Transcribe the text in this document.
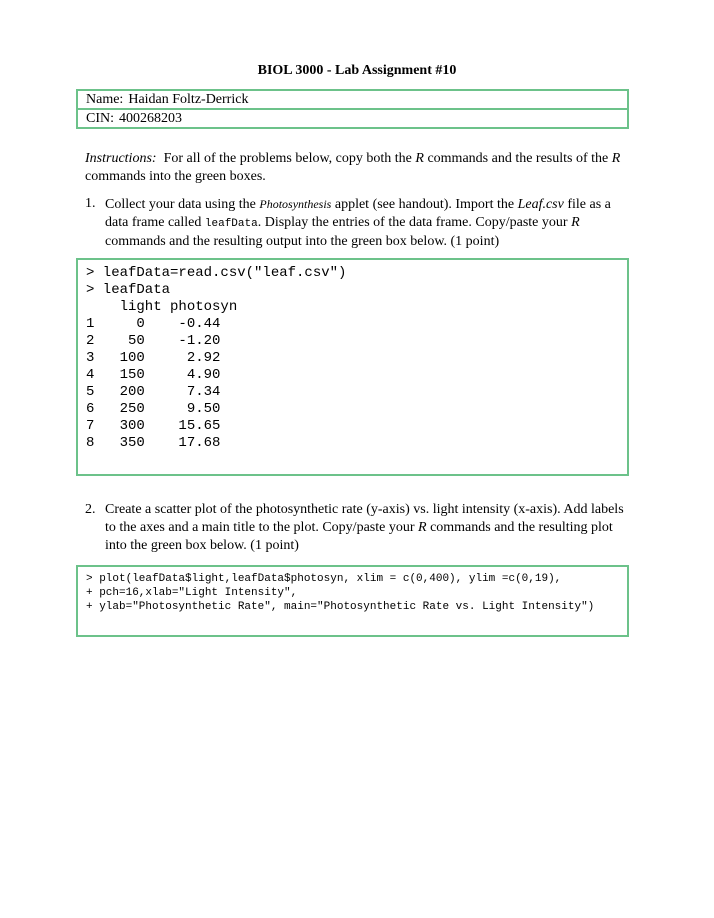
BIOL 3000 - Lab Assignment #10
Name: Haidan Foltz-Derrick
CIN: 400268203
Instructions: For all of the problems below, copy both the R commands and the results of the R commands into the green boxes.
1. Collect your data using the Photosynthesis applet (see handout). Import the Leaf.csv file as a data frame called leafData. Display the entries of the data frame. Copy/paste your R commands and the resulting output into the green box below. (1 point)
> leafData=read.csv("leaf.csv")
> leafData
light photosyn
1     0    -0.44
2    50    -1.20
3   100     2.92
4   150     4.90
5   200     7.34
6   250     9.50
7   300    15.65
8   350    17.68
2. Create a scatter plot of the photosynthetic rate (y-axis) vs. light intensity (x-axis). Add labels to the axes and a main title to the plot. Copy/paste your R commands and the resulting plot into the green box below. (1 point)
> plot(leafData$light,leafData$photosyn, xlim = c(0,400), ylim =c(0,19),
+ pch=16,xlab="Light Intensity",
+ ylab="Photosynthetic Rate", main="Photosynthetic Rate vs. Light Intensity")
